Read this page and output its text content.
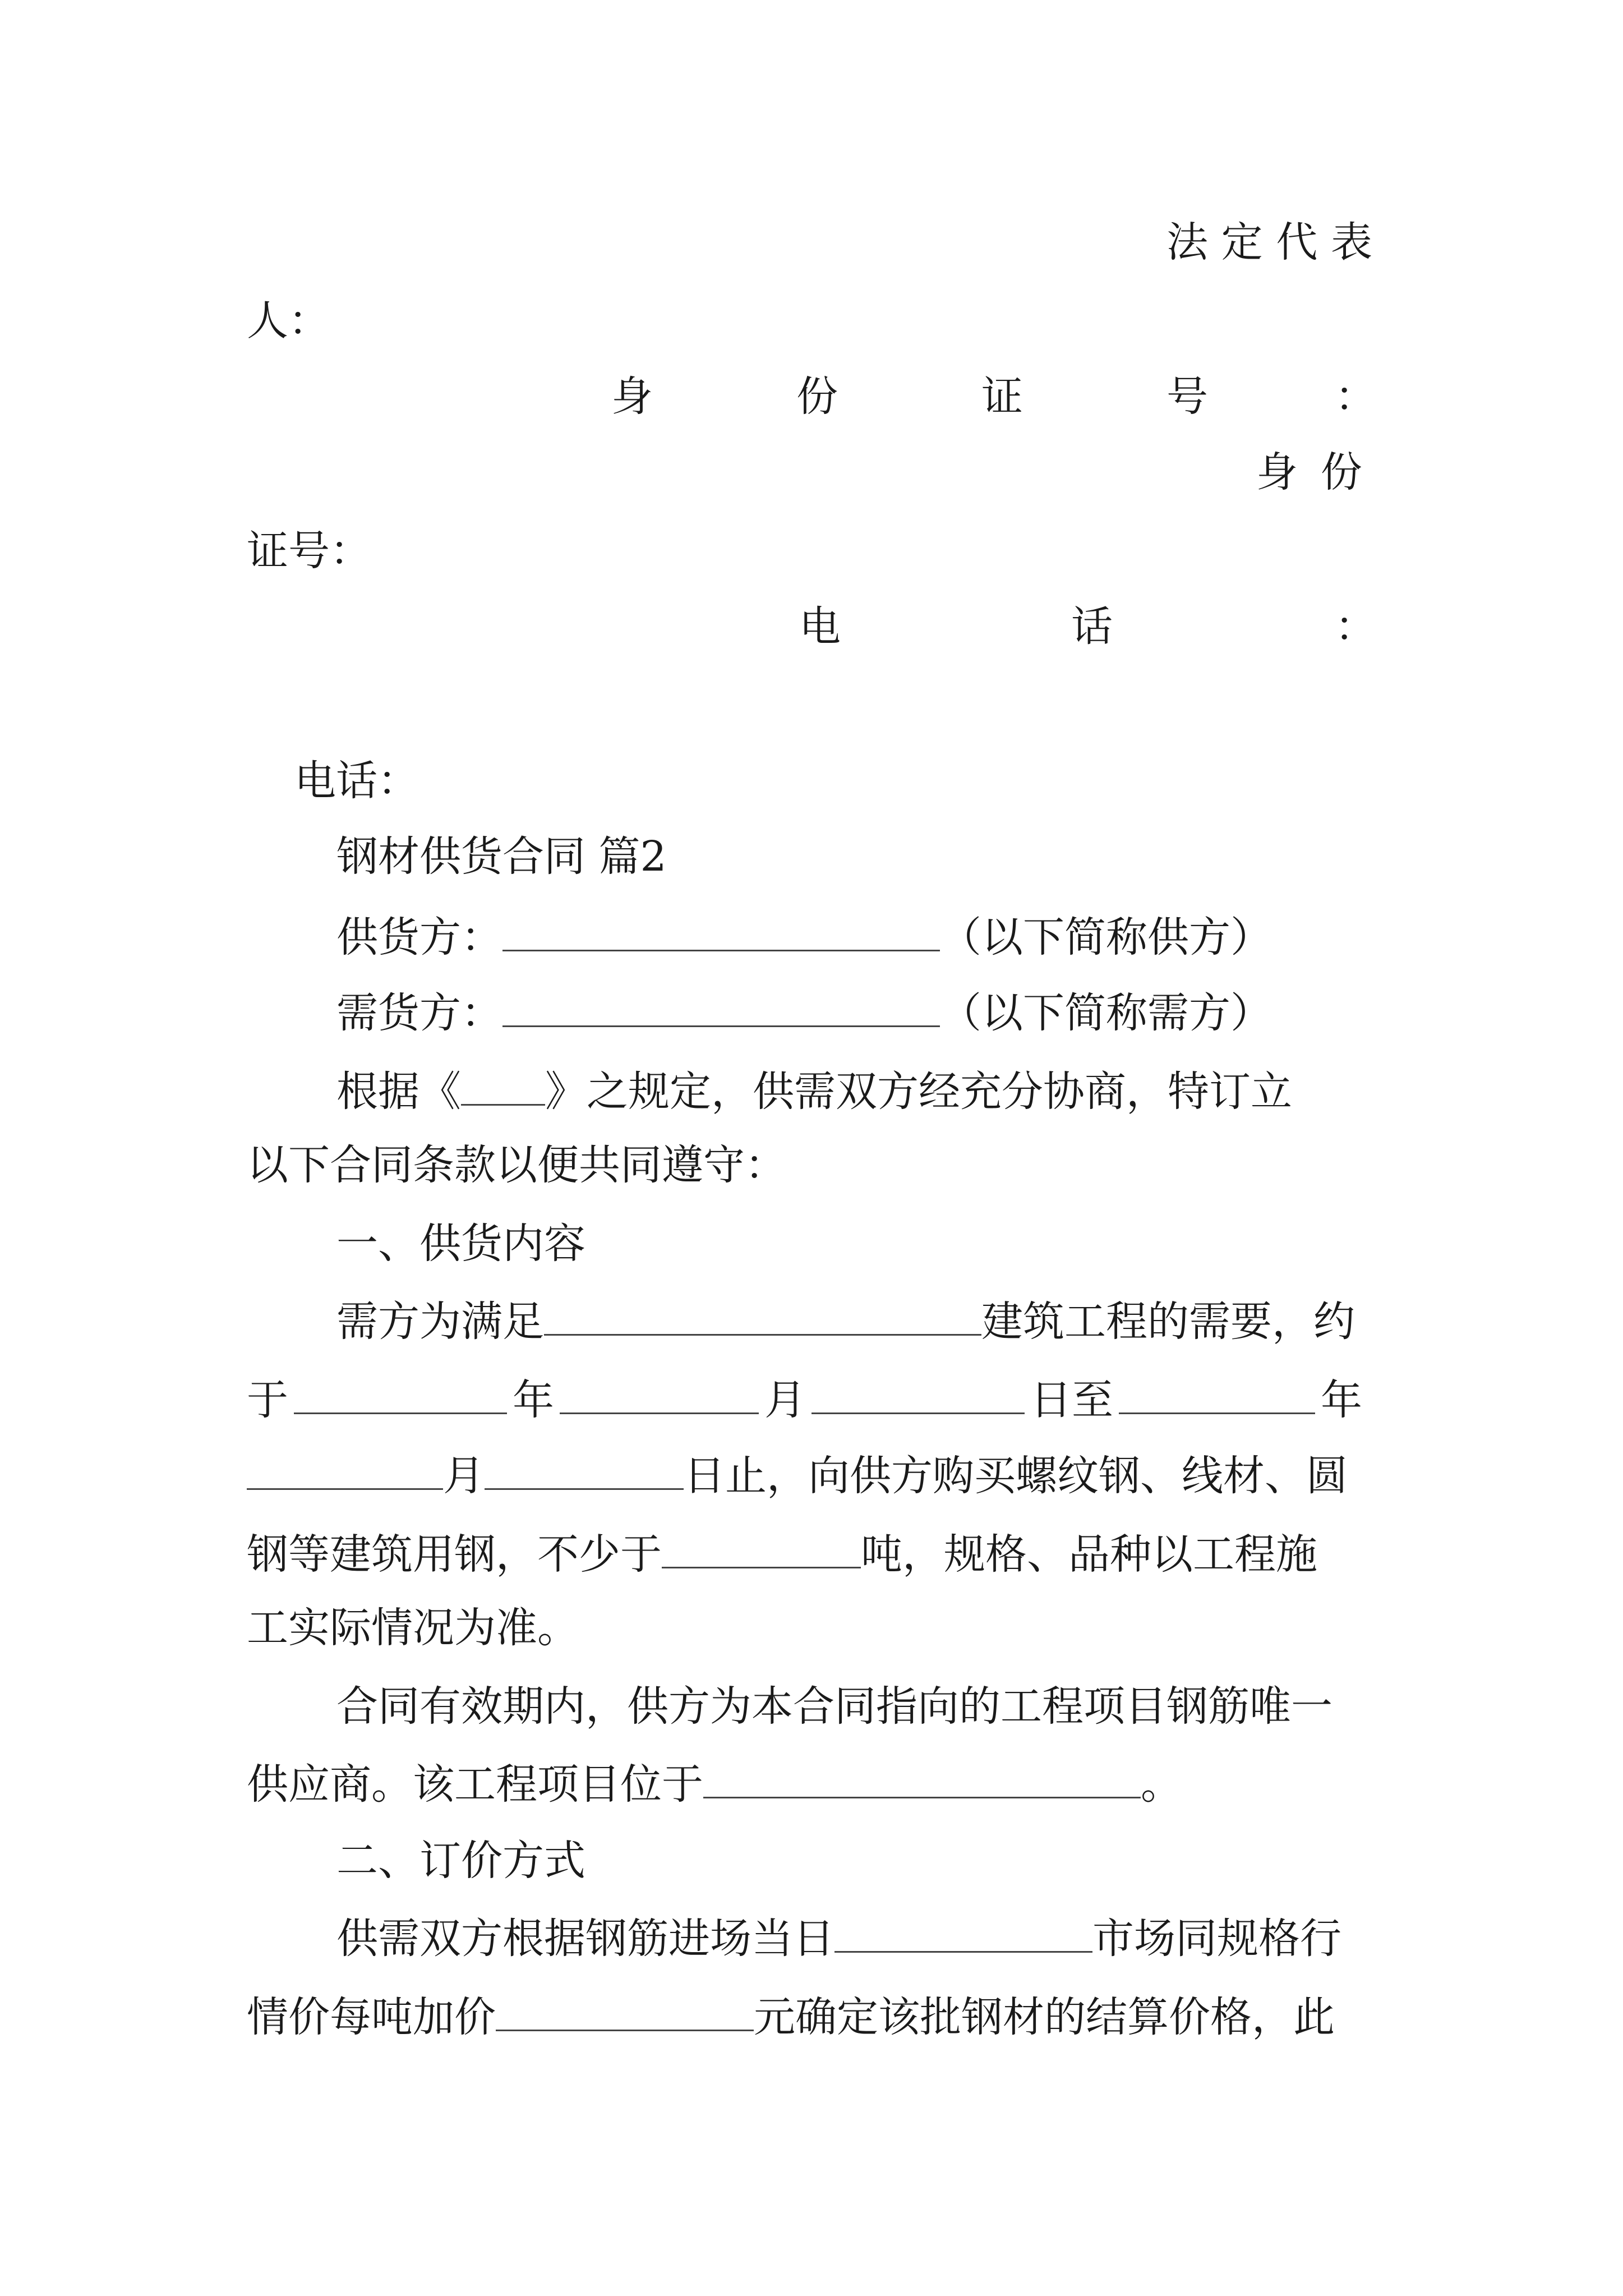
法定代表
人：
身	份	证	号	：
身份
证号：
电	话	：
电话：
钢材供货合同 篇2
供货方：	（以下简称供方）
需货方：	（以下简称需方）
根据《 》之规定，供需双方经充分协商，特订立
以下合同条款以便共同遵守：
一、供货内容
需方为满足	建筑工程的需要，约
于	年	月	日至	年
月	日止，向供方购买螺纹钢、线材、圆
钢等建筑用钢，不少于	吨，规格、品种以工程施
工实际情况为准。
合同有效期内，供方为本合同指向的工程项目钢筋唯一
供应商。该工程项目位于	。
二、订价方式
供需双方根据钢筋进场当日	市场同规格行
情价每吨加价	元确定该批钢材的结算价格，此
